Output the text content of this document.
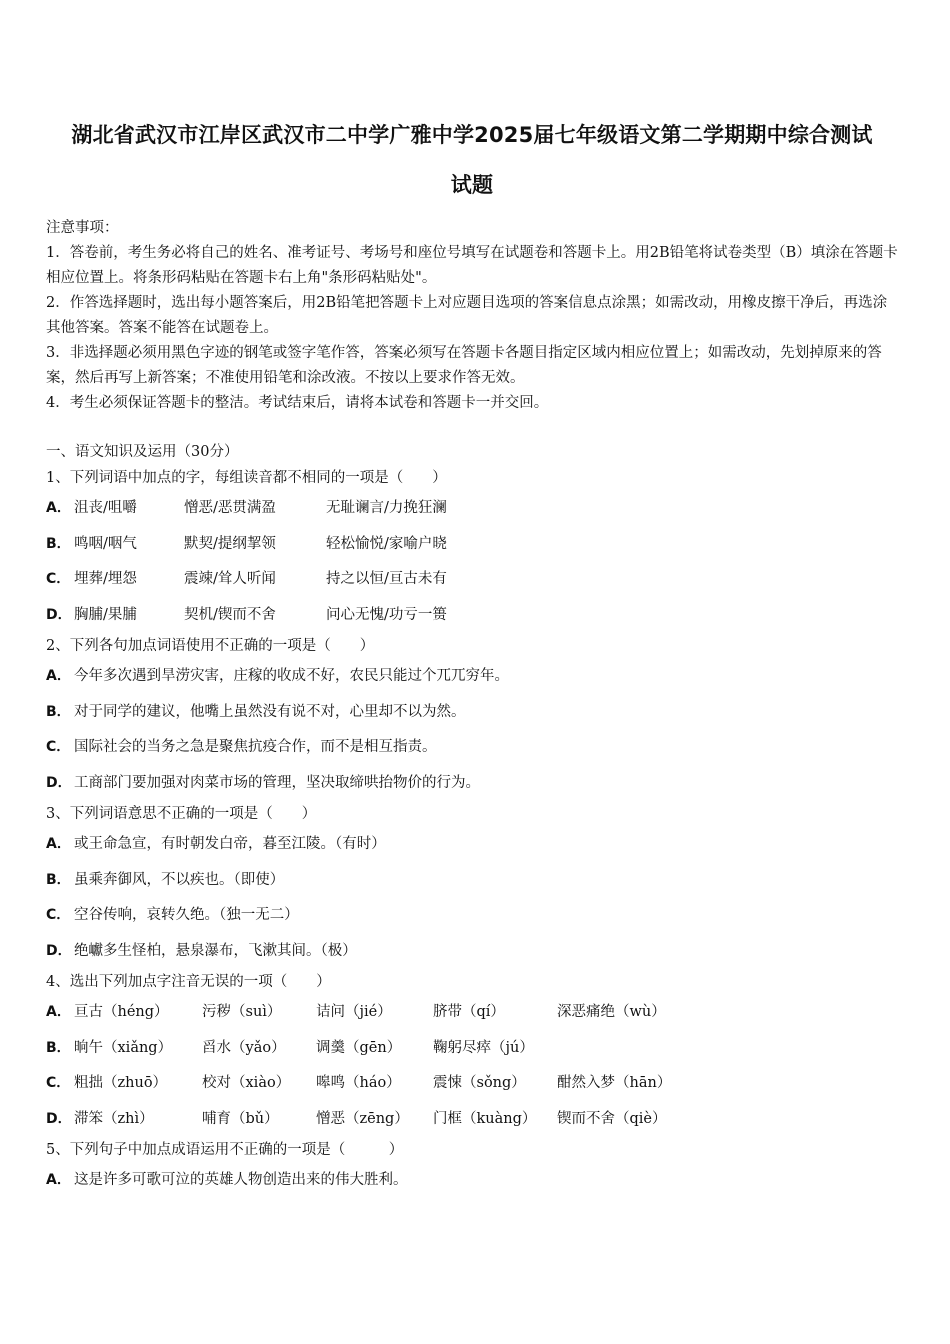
湖北省武汉市江岸区武汉市二中学广雅中学2025届七年级语文第二学期期中综合测试
试题

注意事项：

1．答卷前，考生务必将自己的姓名、准考证号、考场号和座位号填写在试题卷和答题卡上。用2B铅笔将试卷类型（B）填涂在答题卡相应位置上。将条形码粘贴在答题卡右上角"条形码粘贴处"。

2．作答选择题时，选出每小题答案后，用2B铅笔把答题卡上对应题目选项的答案信息点涂黑；如需改动，用橡皮擦干净后，再选涂其他答案。答案不能答在试题卷上。

3．非选择题必须用黑色字迹的钢笔或签字笔作答，答案必须写在答题卡各题目指定区域内相应位置上；如需改动，先划掉原来的答案，然后再写上新答案；不准使用铅笔和涂改液。不按以上要求作答无效。

4．考生必须保证答题卡的整洁。考试结束后，请将本试卷和答题卡一并交回。

一、语文知识及运用（30分）

1、下列词语中加点的字，每组读音都不相同的一项是（　　）

A． 沮丧/咀嚼	憎恶/恶贯满盈	无耻谰言/力挽狂澜
B． 鸣咽/咽气	默契/提纲挈领	轻松愉悦/家喻户晓
C． 埋葬/埋怨	震竦/耸人听闻	持之以恒/亘古未有
D． 胸脯/果脯	契机/锲而不舍	问心无愧/功亏一篑

2、下列各句加点词语使用不正确的一项是（　　）

A． 今年多次遇到旱涝灾害，庄稼的收成不好，农民只能过个兀兀穷年。
B． 对于同学的建议，他嘴上虽然没有说不对，心里却不以为然。
C． 国际社会的当务之急是聚焦抗疫合作，而不是相互指责。
D． 工商部门要加强对肉菜市场的管理，坚决取缔哄抬物价的行为。

3、下列词语意思不正确的一项是（　　）

A． 或王命急宣，有时朝发白帝，暮至江陵。（有时）
B． 虽乘奔御风，不以疾也。（即使）
C． 空谷传响，哀转久绝。（独一无二）
D． 绝巘多生怪柏，悬泉瀑布，飞漱其间。（极）

4、选出下列加点字注音无误的一项（　　）

A． 亘古（héng）	污秽（suì）	诘问（jié）	脐带（qí）	深恶痛绝（wù）
B． 晌午（xiǎng）	舀水（yǎo）	调羹（gēn）	鞠躬尽瘁（jú）
C． 粗拙（zhuō）	校对（xiào）	嗥鸣（háo）	震悚（sǒng）	酣然入梦（hān）
D． 滞笨（zhì）	哺育（bǔ）	憎恶（zēng）	门框（kuàng）	锲而不舍（qiè）

5、下列句子中加点成语运用不正确的一项是（　　　）

A． 这是许多可歌可泣的英雄人物创造出来的伟大胜利。
